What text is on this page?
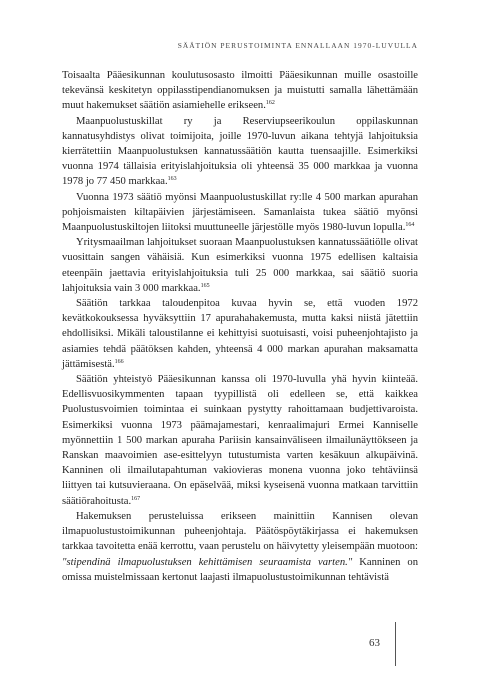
SÄÄTIÖN PERUSTOIMINTA ENNALLAAN 1970-LUVULLA

Toisaalta Pääesikunnan koulutusosasto ilmoitti Pääesikunnan muille osastoille tekevänsä keskitetyn oppilasstipendianomuksen ja muistutti samalla lähettämään muut hakemukset säätiön asiamiehelle erikseen.$^{162}$

Maanpuolustuskillat ry ja Reserviupseerikoulun oppilaskunnan kannatusyhdistys olivat toimijoita, joille 1970-luvun aikana tehtyjä lahjoituksia kierrätettiin Maanpuolustuksen kannatussäätiön kautta tuensaajille. Esimerkiksi vuonna 1974 tällaisia erityislahjoituksia oli yhteensä 35 000 markkaa ja vuonna 1978 jo 77 450 markkaa.$^{163}$

Vuonna 1973 säätiö myönsi Maanpuolustuskillat ry:lle 4 500 markan apurahan pohjoismaisten kiltapäivien järjestämiseen. Samanlaista tukea säätiö myönsi Maanpuolustuskiltojen liitoksi muuttuneelle järjestölle myös 1980-luvun lopulla.$^{164}$

Yritysmaailman lahjoitukset suoraan Maanpuolustuksen kannatussäätiölle olivat vuosittain sangen vähäisiä. Kun esimerkiksi vuonna 1975 edellisen kaltaisia eteenpäin jaettavia erityislahjoituksia tuli 25 000 markkaa, sai säätiö suoria lahjoituksia vain 3 000 markkaa.$^{165}$

Säätiön tarkkaa taloudenpitoa kuvaa hyvin se, että vuoden 1972 kevätkokouksessa hyväksyttiin 17 apurahahakemusta, mutta kaksi niistä jätettiin ehdollisiksi. Mikäli taloustilanne ei kehittyisi suotuisasti, voisi puheenjohtajisto ja asiamies tehdä päätöksen kahden, yhteensä 4 000 markan apurahan maksamatta jättämisestä.$^{166}$

Säätiön yhteistyö Pääesikunnan kanssa oli 1970-luvulla yhä hyvin kiinteää. Edellisvuosikymmenten tapaan tyypillistä oli edelleen se, että kaikkea Puolustusvoimien toimintaa ei suinkaan pystytty rahoittamaan budjettivaroista. Esimerkiksi vuonna 1973 päämajamestari, kenraalimajuri Ermei Kanniselle myönnettiin 1 500 markan apuraha Pariisin kansainväliseen ilmailunäyttökseen ja Ranskan maavoimien ase-esittelyyn tutustumista varten kesäkuun alkupäivinä. Kanninen oli ilmailutapahtuman vakiovieras monena vuonna joko tehtäviinsä liittyen tai kutsuvieraana. On epäselvää, miksi kyseisenä vuonna matkaan tarvittiin säätiörahoitusta.$^{167}$

Hakemuksen perusteluissa erikseen mainittiin Kannisen olevan ilmapuolustustoimikunnan puheenjohtaja. Päätöspöytäkirjassa ei hakemuksen tarkkaa tavoitetta enää kerrottu, vaan perustelu on häivytetty yleisempään muotoon: "stipendinä ilmapuolustuksen kehittämisen seuraamista varten." Kanninen on omissa muistelmissaan kertonut laajasti ilmapuolustustoimikunnan tehtävistä

63
